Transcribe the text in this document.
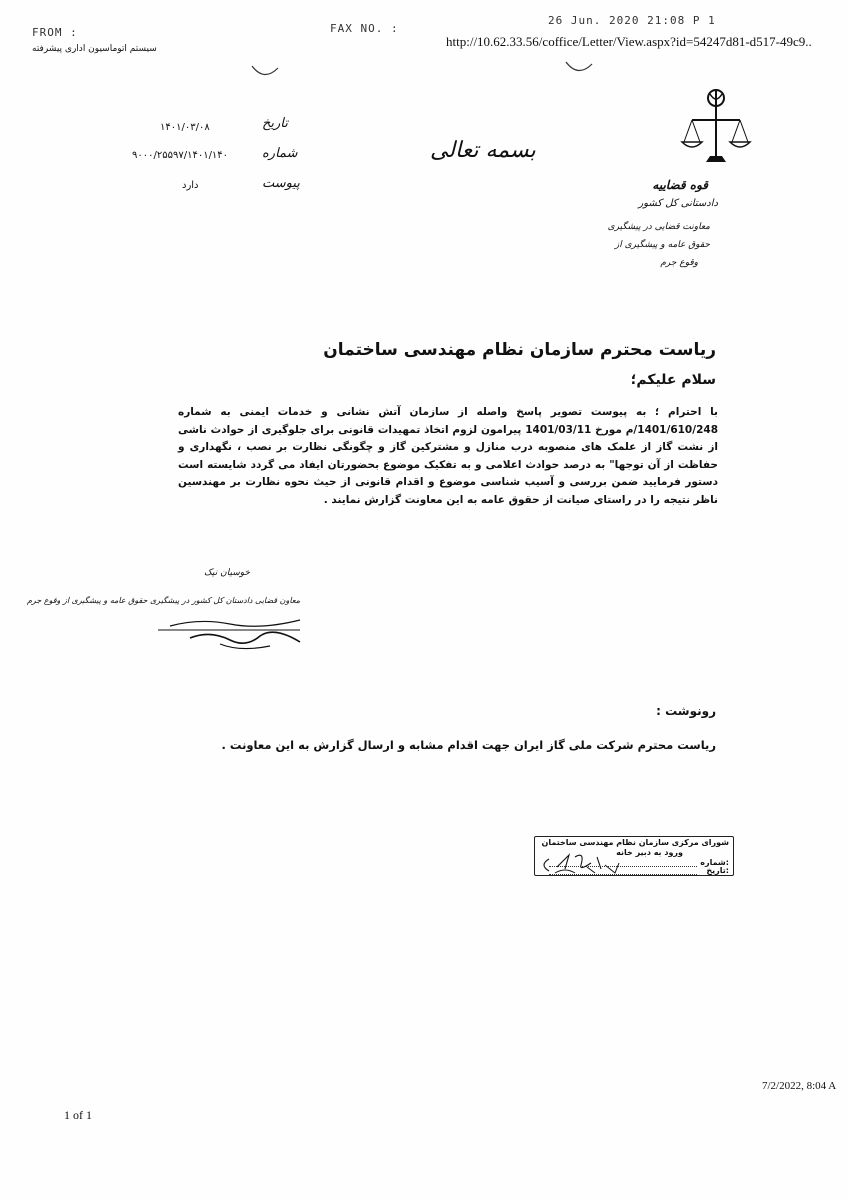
FROM :
سیستم اتوماسیون اداری پیشرفته
FAX NO. :
26 Jun. 2020 21:08 P 1
http://10.62.33.56/coffice/Letter/View.aspx?id=54247d81-d517-49c9..
تاریخ
۱۴۰۱/۰۳/۰۸
شماره
۹۰۰۰/۲۵۵۹۷/۱۴۰۱/۱۴۰
پیوست
دارد
بسمه تعالی
قوه قضاییه
دادستانی کل کشور
معاونت قضایی در پیشگیری
حقوق عامه و پیشگیری از
وقوع جرم
ریاست محترم سازمان نظام مهندسی ساختمان
سلام علیکم؛
با احترام ؛ به پیوست تصویر پاسخ واصله از سازمان آتش نشانی و خدمات ایمنی به شماره 1401/610/248/م مورخ 1401/03/11 پیرامون لزوم اتخاذ تمهیدات قانونی برای جلوگیری از حوادث ناشی از نشت گاز از علمک های منصوبه درب منازل و مشترکین گاز و چگونگی نظارت بر نصب ، نگهداری و حفاظت از آن توجها" به درصد حوادث اعلامی و به تفکیک موضوع بحضورتان ایفاد می گردد شایسته است دستور فرمایید ضمن بررسی و آسیب شناسی موضوع و اقدام قانونی از حیث نحوه نظارت بر مهندسین ناظر نتیجه را در راستای صیانت از حقوق عامه به این معاونت گزارش نمایند .
خوسیان نیک
معاون قضایی دادستان کل کشور در پیشگیری حقوق عامه و پیشگیری از وقوع جرم
رونوشت :
ریاست محترم شرکت ملی گاز ایران جهت اقدام مشابه و ارسال گزارش به این معاونت .
شورای مرکزی سازمان نظام مهندسی ساختمان
ورود به دبیر خانه
شماره:
تاریخ:
1 of 1
7/2/2022, 8:04 A
